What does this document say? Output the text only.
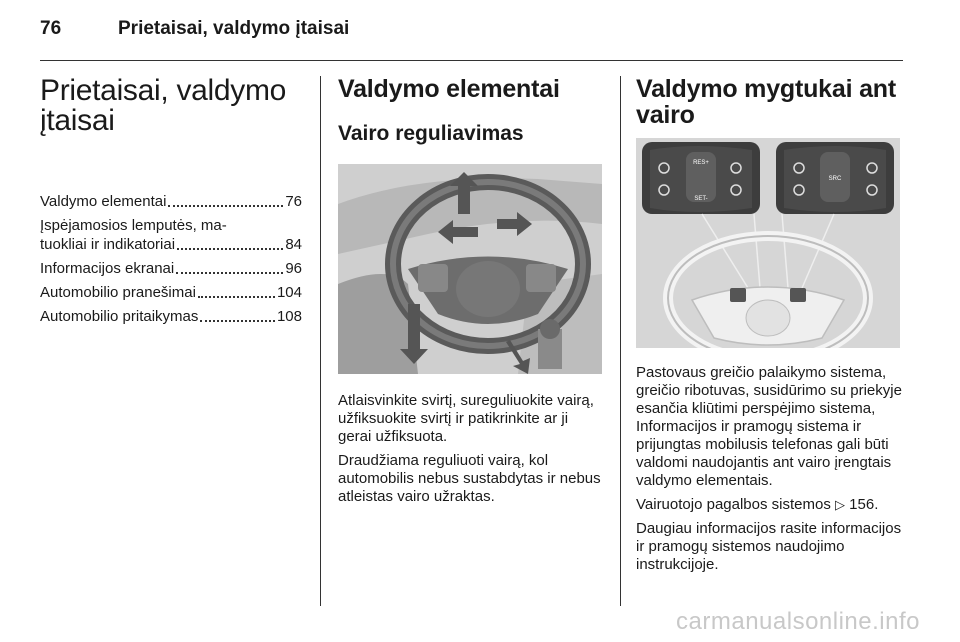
76	Prietaisai, valdymo įtaisai
Prietaisai, valdymo
įtaisai
Valdymo elementai	76
Įspėjamosios lemputės, ma-
tuokliai ir indikatoriai	84
Informacijos ekranai	96
Automobilio pranešimai	104
Automobilio pritaikymas	108
Valdymo elementai
Vairo reguliavimas

Atlaisvinkite svirtį, sureguliuokite vairą, užfiksuokite svirtį ir patikrinkite ar ji gerai užfiksuota.

Draudžiama reguliuoti vairą, kol automobilis nebus sustabdytas ir nebus atleistas vairo užraktas.

Valdymo mygtukai ant
vairo
RES+
SET-
SRC

Pastovaus greičio palaikymo sistema, greičio ribotuvas, susidūrimo su priekyje esančia kliūtimi perspėjimo sistema, Informacijos ir pramogų sistema ir prijungtas mobilusis telefonas gali būti valdomi naudojantis ant vairo įrengtais valdymo elementais.

Vairuotojo pagalbos sistemos ▷ 156.

Daugiau informacijos rasite informacijos ir pramogų sistemos naudojimo instrukcijoje.

carmanualsonline.info
